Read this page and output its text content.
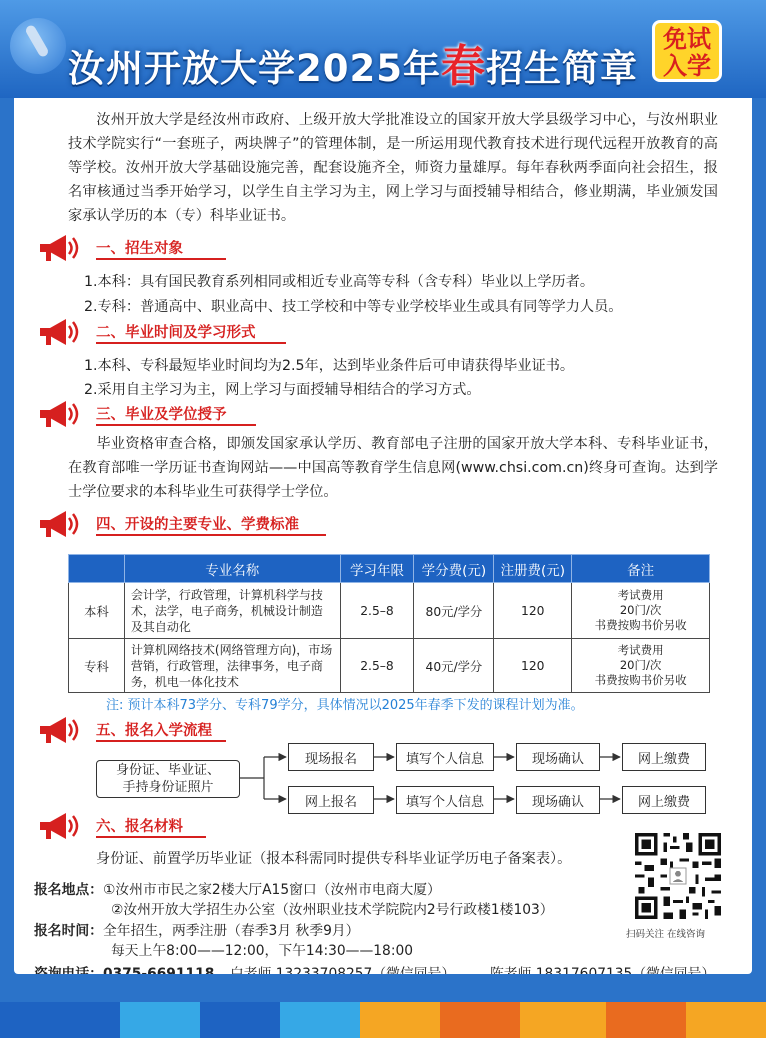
汝州开放大学2025年春招生简章
免试
入学
汝州开放大学是经汝州市政府、上级开放大学批准设立的国家开放大学县级学习中心，与汝州职业技术学院实行“一套班子，两块牌子”的管理体制，是一所运用现代教育技术进行现代远程开放教育的高等学校。汝州开放大学基础设施完善，配套设施齐全，师资力量雄厚。每年春秋两季面向社会招生，报名审核通过当季开始学习，以学生自主学习为主，网上学习与面授辅导相结合，修业期满，毕业颁发国家承认学历的本（专）科毕业证书。
一、招生对象
1.本科：具有国民教育系列相同或相近专业高等专科（含专科）毕业以上学历者。
2.专科：普通高中、职业高中、技工学校和中等专业学校毕业生或具有同等学力人员。
二、毕业时间及学习形式
1.本科、专科最短毕业时间均为2.5年，达到毕业条件后可申请获得毕业证书。
2.采用自主学习为主，网上学习与面授辅导相结合的学习方式。
三、毕业及学位授予
毕业资格审查合格，即颁发国家承认学历、教育部电子注册的国家开放大学本科、专科毕业证书，在教育部唯一学历证书查询网站——中国高等教育学生信息网(www.chsi.com.cn)终身可查询。达到学士学位要求的本科毕业生可获得学士学位。
四、开设的主要专业、学费标准
	专业名称	学习年限	学分费(元)	注册费(元)	备注
本科	会计学，行政管理，计算机科学与技术，法学，电子商务，机械设计制造及其自动化	2.5–8	80元/学分	120	考试费用
20门/次
书费按购书价另收

专科	计算机网络技术(网络管理方向)，市场营销，行政管理，法律事务，电子商务，机电一体化技术	2.5–8	40元/学分	120	考试费用
20门/次
书费按购书价另收
注: 预计本科73学分、专科79学分，具体情况以2025年春季下发的课程计划为准。
五、报名入学流程
身份证、毕业证、
手持身份证照片
现场报名	填写个人信息	现场确认	网上缴费
网上报名	填写个人信息	现场确认	网上缴费
六、报名材料
身份证、前置学历毕业证（报本科需同时提供专科毕业证学历电子备案表）。
报名地点：①汝州市市民之家2楼大厅A15窗口（汝州市电商大厦）
②汝州开放大学招生办公室（汝州职业技术学院院内2号行政楼1楼103）
报名时间：全年招生，两季注册（春季3月 秋季9月）
每天上午8:00——12:00，下午14:30——18:00
扫码关注 在线咨询
